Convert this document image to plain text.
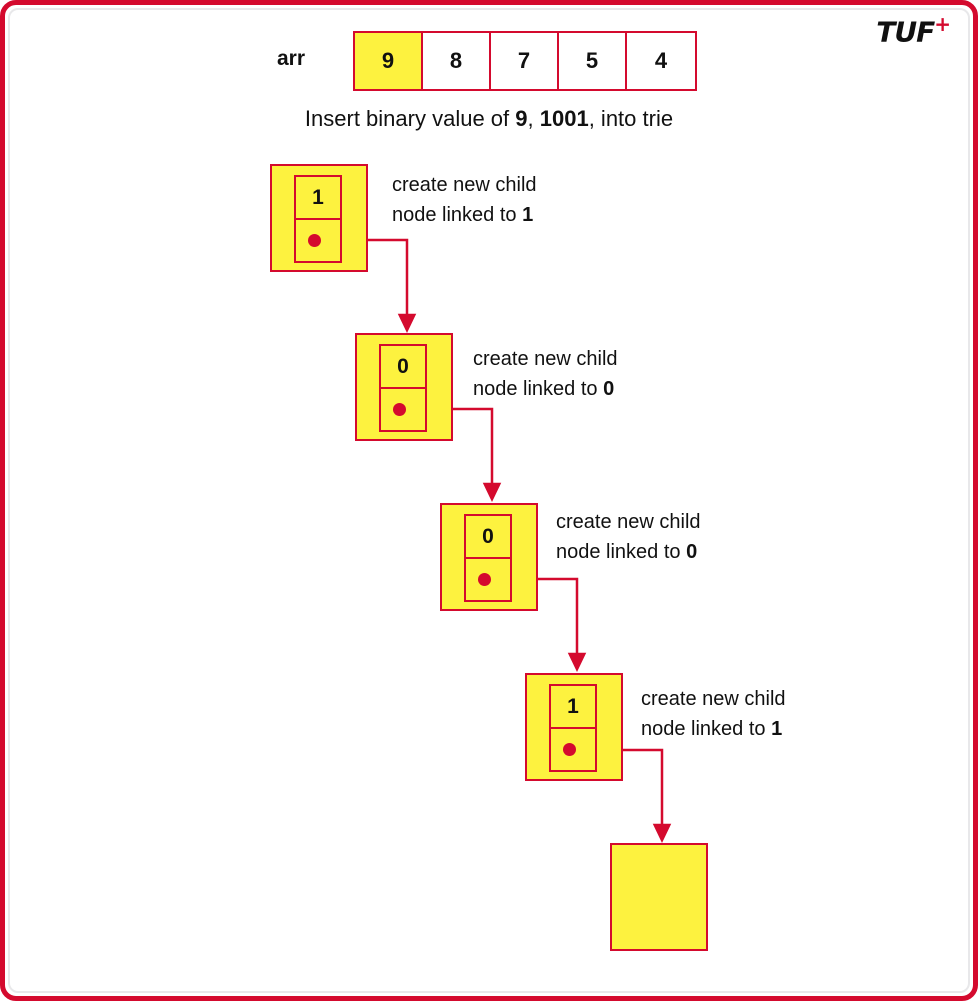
TUF+
arr	9	8	7	5	4
Insert binary value of 9, 1001, into trie
1
create new child
node linked to 1
0	create new child
node linked to 0
0
create new child
node linked to 0
1	create new child
node linked to 1
